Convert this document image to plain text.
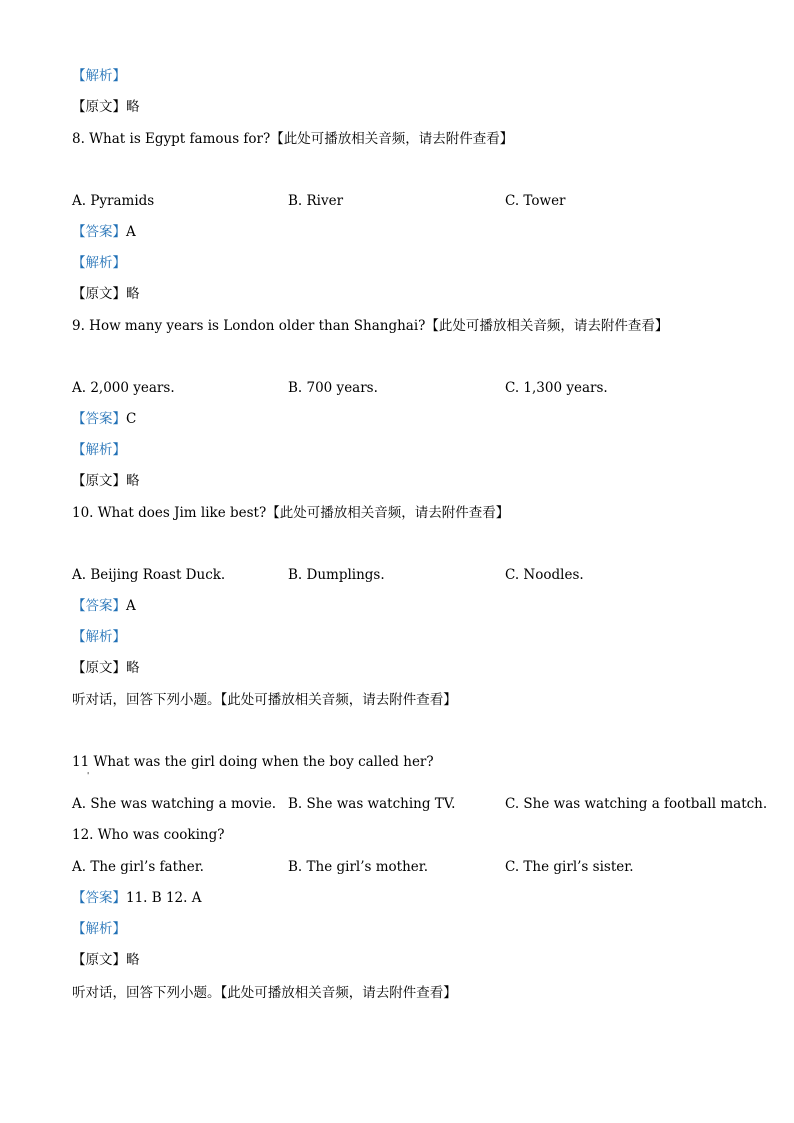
【解析】
【原文】略
8. What is Egypt famous for?【此处可播放相关音频，请去附件查看】
A. Pyramids	B. River	C. Tower
【答案】A
【解析】
【原文】略
9. How many years is London older than Shanghai?【此处可播放相关音频，请去附件查看】
A. 2,000 years.	B. 700 years.	C. 1,300 years.
【答案】C
【解析】
【原文】略
10. What does Jim like best?【此处可播放相关音频，请去附件查看】
A. Beijing Roast Duck.	B. Dumplings.	C. Noodles.
【答案】A
【解析】
【原文】略
听对话，回答下列小题。【此处可播放相关音频，请去附件查看】
11 What was the girl doing when the boy called her?
'
A. She was watching a movie. B. She was watching TV.	C. She was watching a football match.
12. Who was cooking?
A. The girl’s father.	B. The girl’s mother.	C. The girl’s sister.
【答案】11. B 12. A
【解析】
【原文】略
听对话，回答下列小题。【此处可播放相关音频，请去附件查看】
